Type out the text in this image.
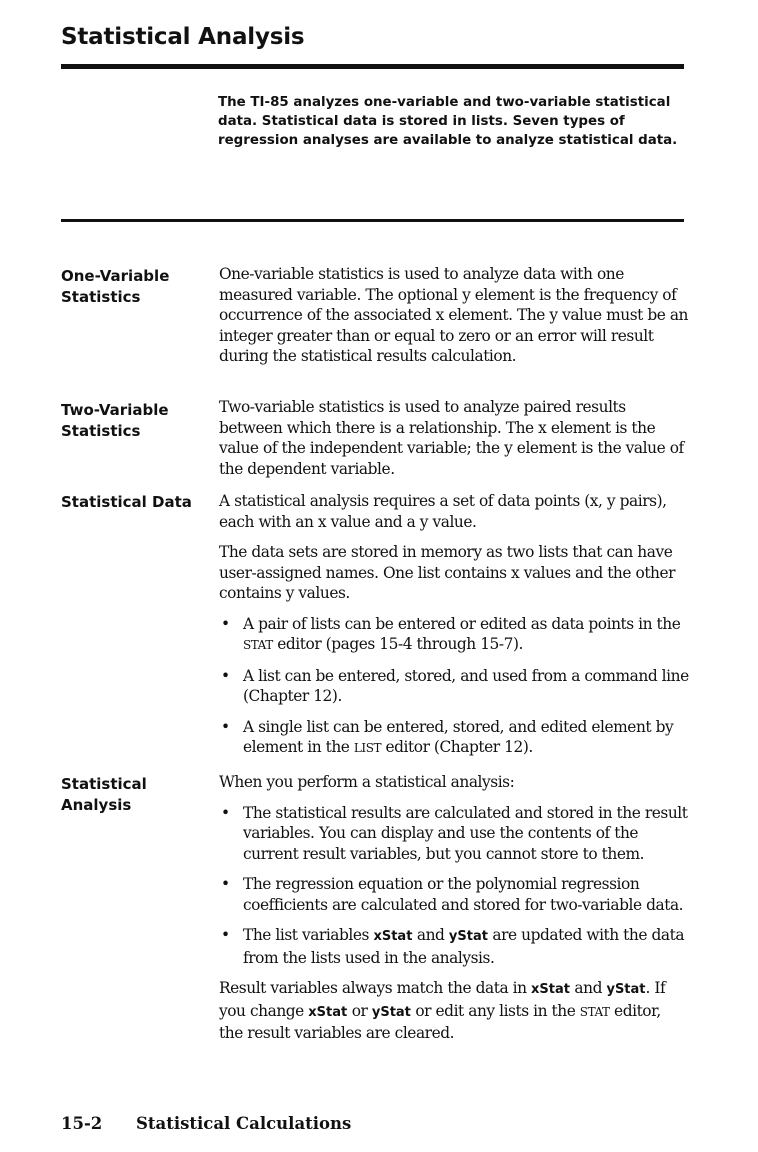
Statistical Analysis

The TI-85 analyzes one-variable and two-variable statistical data. Statistical data is stored in lists. Seven types of regression analyses are available to analyze statistical data.

One-Variable
Statistics

One-variable statistics is used to analyze data with one measured variable. The optional y element is the frequency of occurrence of the associated x element. The y value must be an integer greater than or equal to zero or an error will result during the statistical results calculation.

Two-Variable
Statistics

Two-variable statistics is used to analyze paired results between which there is a relationship. The x element is the value of the independent variable; the y element is the value of the dependent variable.

Statistical Data	A statistical analysis requires a set of data points (x, y pairs), each with an x value and a y value.

The data sets are stored in memory as two lists that can have user-assigned names. One list contains x values and the other contains y values.

• A pair of lists can be entered or edited as data points in the STAT editor (pages 15-4 through 15-7).
• A list can be entered, stored, and used from a command line (Chapter 12).
• A single list can be entered, stored, and edited element by element in the LIST editor (Chapter 12).
Statistical
Analysis

When you perform a statistical analysis:

• The statistical results are calculated and stored in the result variables. You can display and use the contents of the current result variables, but you cannot store to them.
• The regression equation or the polynomial regression coefficients are calculated and stored for two-variable data.
• The list variables xStat and yStat are updated with the data from the lists used in the analysis.

Result variables always match the data in xStat and yStat. If you change xStat or yStat or edit any lists in the STAT editor, the result variables are cleared.

15-2 Statistical Calculations
